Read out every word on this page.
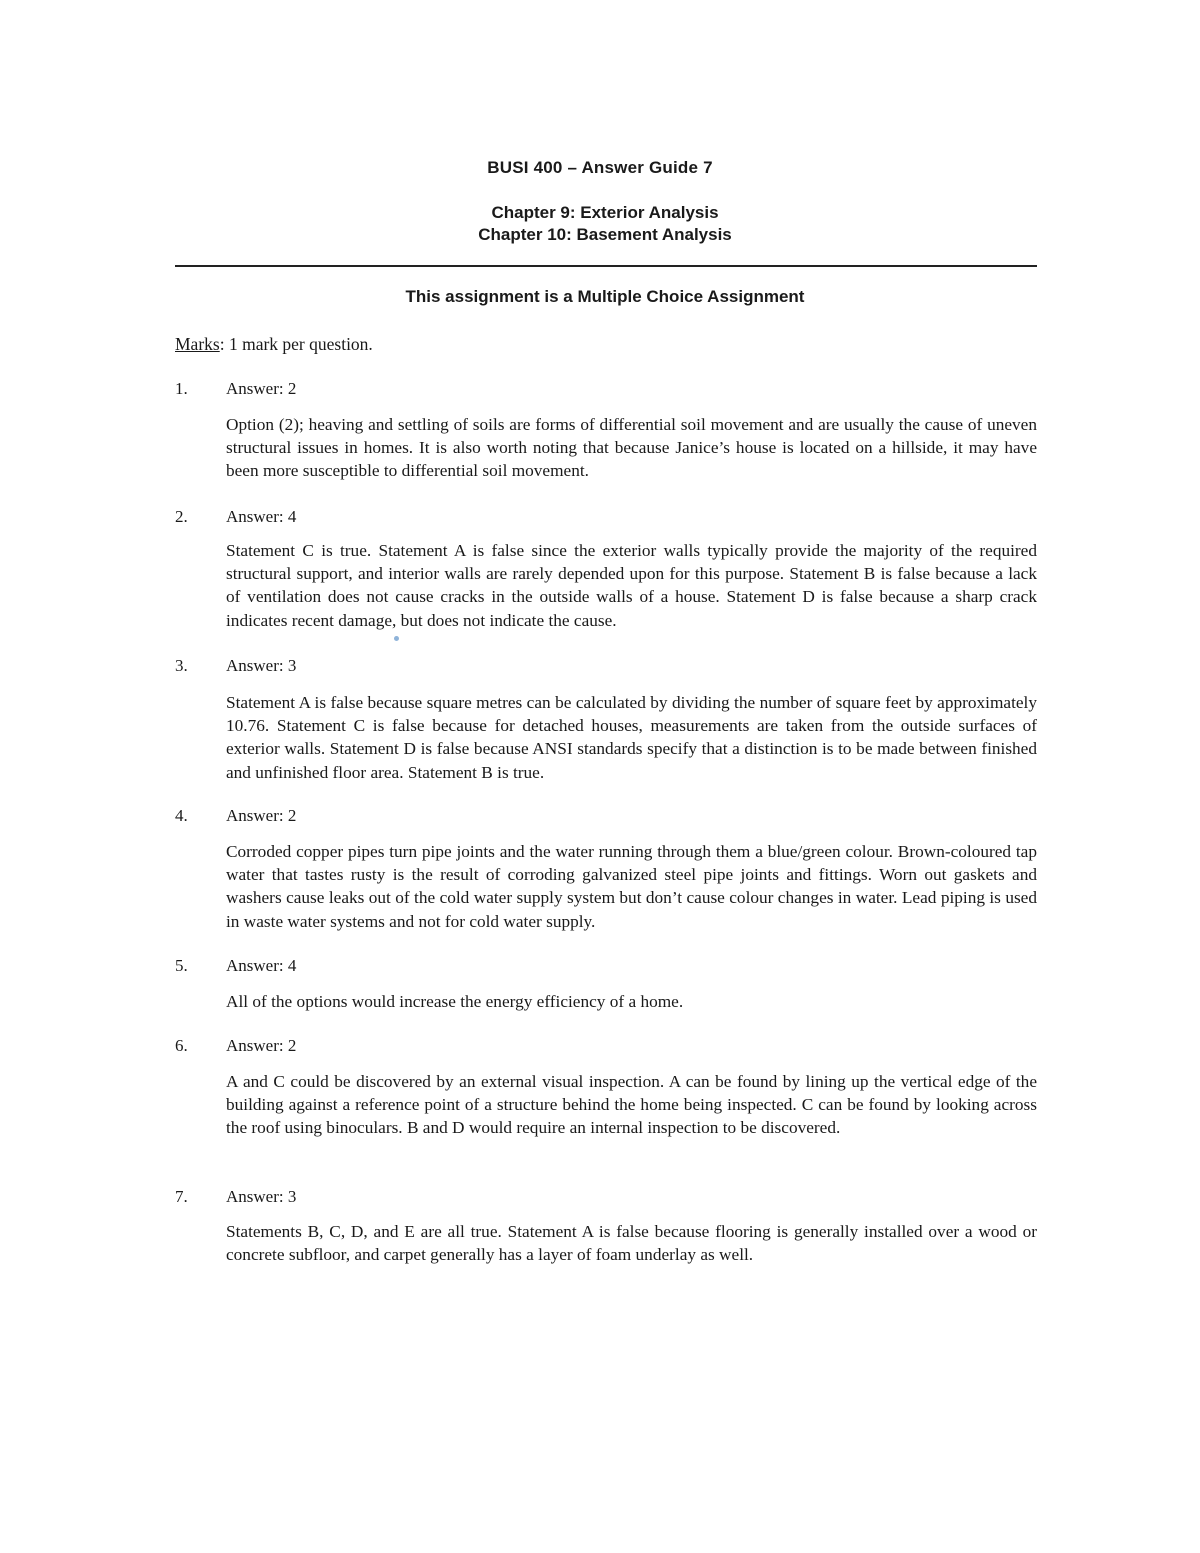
BUSI 400 – Answer Guide 7
Chapter 9: Exterior Analysis
Chapter 10: Basement Analysis
This assignment is a Multiple Choice Assignment
Marks: 1 mark per question.
1. Answer: 2
Option (2); heaving and settling of soils are forms of differential soil movement and are usually the cause of uneven structural issues in homes. It is also worth noting that because Janice’s house is located on a hillside, it may have been more susceptible to differential soil movement.
2. Answer: 4
Statement C is true. Statement A is false since the exterior walls typically provide the majority of the required structural support, and interior walls are rarely depended upon for this purpose. Statement B is false because a lack of ventilation does not cause cracks in the outside walls of a house. Statement D is false because a sharp crack indicates recent damage, but does not indicate the cause.
3. Answer: 3
Statement A is false because square metres can be calculated by dividing the number of square feet by approximately 10.76. Statement C is false because for detached houses, measurements are taken from the outside surfaces of exterior walls. Statement D is false because ANSI standards specify that a distinction is to be made between finished and unfinished floor area. Statement B is true.
4. Answer: 2
Corroded copper pipes turn pipe joints and the water running through them a blue/green colour. Brown-coloured tap water that tastes rusty is the result of corroding galvanized steel pipe joints and fittings. Worn out gaskets and washers cause leaks out of the cold water supply system but don’t cause colour changes in water. Lead piping is used in waste water systems and not for cold water supply.
5. Answer: 4
All of the options would increase the energy efficiency of a home.
6. Answer: 2
A and C could be discovered by an external visual inspection. A can be found by lining up the vertical edge of the building against a reference point of a structure behind the home being inspected. C can be found by looking across the roof using binoculars. B and D would require an internal inspection to be discovered.
7. Answer: 3
Statements B, C, D, and E are all true. Statement A is false because flooring is generally installed over a wood or concrete subfloor, and carpet generally has a layer of foam underlay as well.
